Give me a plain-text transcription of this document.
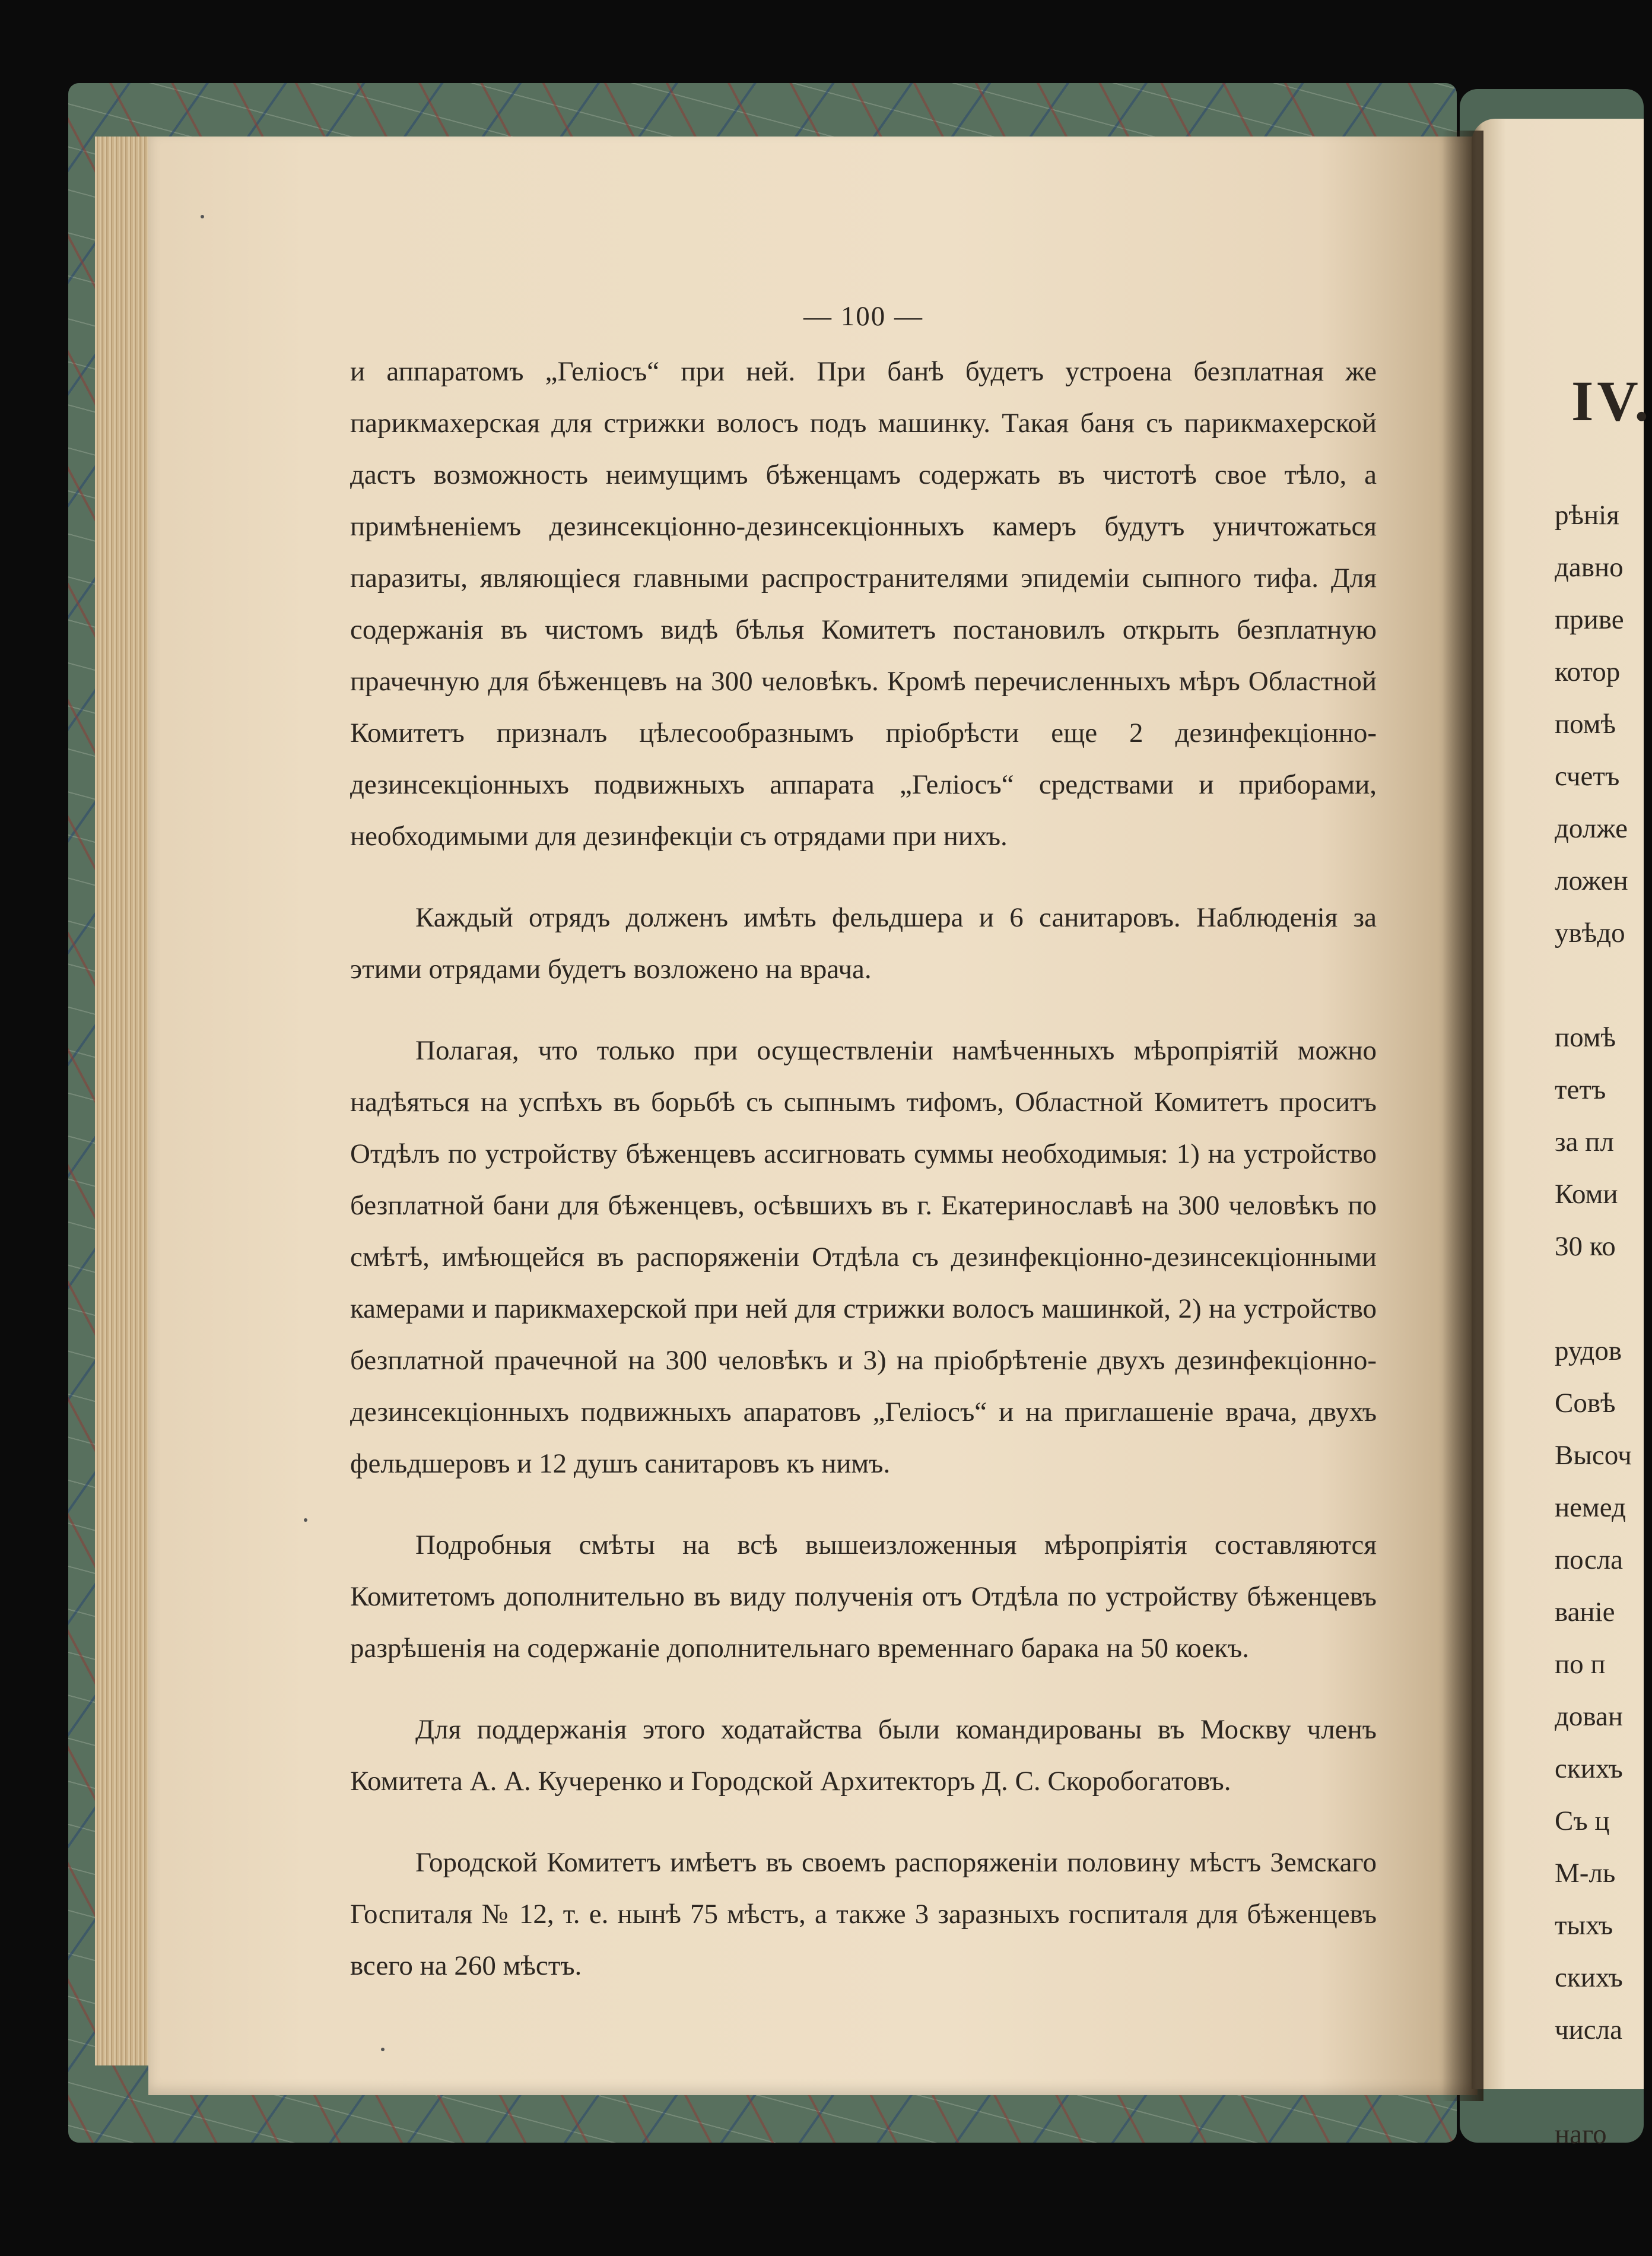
— 100 —

и аппаратомъ „Геліосъ“ при ней. При банѣ будетъ устроена безплатная же парикмахерская для стрижки волосъ подъ машинку. Такая баня съ парикмахерской дастъ возможность неимущимъ бѣженцамъ содержать въ чистотѣ свое тѣло, а примѣненіемъ дезинсекціонно-дезинсекціонныхъ камеръ будутъ уничтожаться паразиты, являющіеся главными распространителями эпидеміи сыпного тифа. Для содержанія въ чистомъ видѣ бѣлья Комитетъ постановилъ открыть безплатную прачечную для бѣженцевъ на 300 человѣкъ. Кромѣ перечисленныхъ мѣръ Областной Комитетъ призналъ цѣлесообразнымъ пріобрѣсти еще 2 дезинфекціонно-дезинсекціонныхъ подвижныхъ аппарата „Геліосъ“ средствами и приборами, необходимыми для дезинфекціи съ отрядами при нихъ.

Каждый отрядъ долженъ имѣть фельдшера и 6 санитаровъ. Наблюденія за этими отрядами будетъ возложено на врача.

Полагая, что только при осуществленіи намѣченныхъ мѣропріятій можно надѣяться на успѣхъ въ борьбѣ съ сыпнымъ тифомъ, Областной Комитетъ проситъ Отдѣлъ по устройству бѣженцевъ ассигновать суммы необходимыя: 1) на устройство безплатной бани для бѣженцевъ, осѣвшихъ въ г. Екатеринославѣ на 300 человѣкъ по смѣтѣ, имѣющейся въ распоряженіи Отдѣла съ дезинфекціонно-дезинсекціонными камерами и парикмахерской при ней для стрижки волосъ машинкой, 2) на устройство безплатной прачечной на 300 человѣкъ и 3) на пріобрѣтеніе двухъ дезинфекціонно-дезинсекціонныхъ подвижныхъ апаратовъ „Геліосъ“ и на приглашеніе врача, двухъ фельдшеровъ и 12 душъ санитаровъ къ нимъ.

Подробныя смѣты на всѣ вышеизложенныя мѣропріятія составляются Комитетомъ дополнительно въ виду полученія отъ Отдѣла по устройству бѣженцевъ разрѣшенія на содержаніе дополнительнаго временнаго барака на 50 коекъ.

Для поддержанія этого ходатайства были командированы въ Москву членъ Комитета А. А. Кучеренко и Городской Архитекторъ Д. С. Скоробогатовъ.

Городской Комитетъ имѣетъ въ своемъ распоряженіи половину мѣстъ Земскаго Госпиталя № 12, т. е. нынѣ 75 мѣстъ, а также 3 заразныхъ госпиталя для бѣженцевъ всего на 260 мѣстъ.

IV.
рѣнія
давно
приве
котор
помѣ
счетъ
долже
ложен
увѣдо
помѣ
тетъ
за пл
Коми
30 ко
рудов
Совѣ
Высоч
немед
посла
ваніе
по п
дован
скихъ
Съ ц
М-ль
тыхъ
скихъ
числа
наго
